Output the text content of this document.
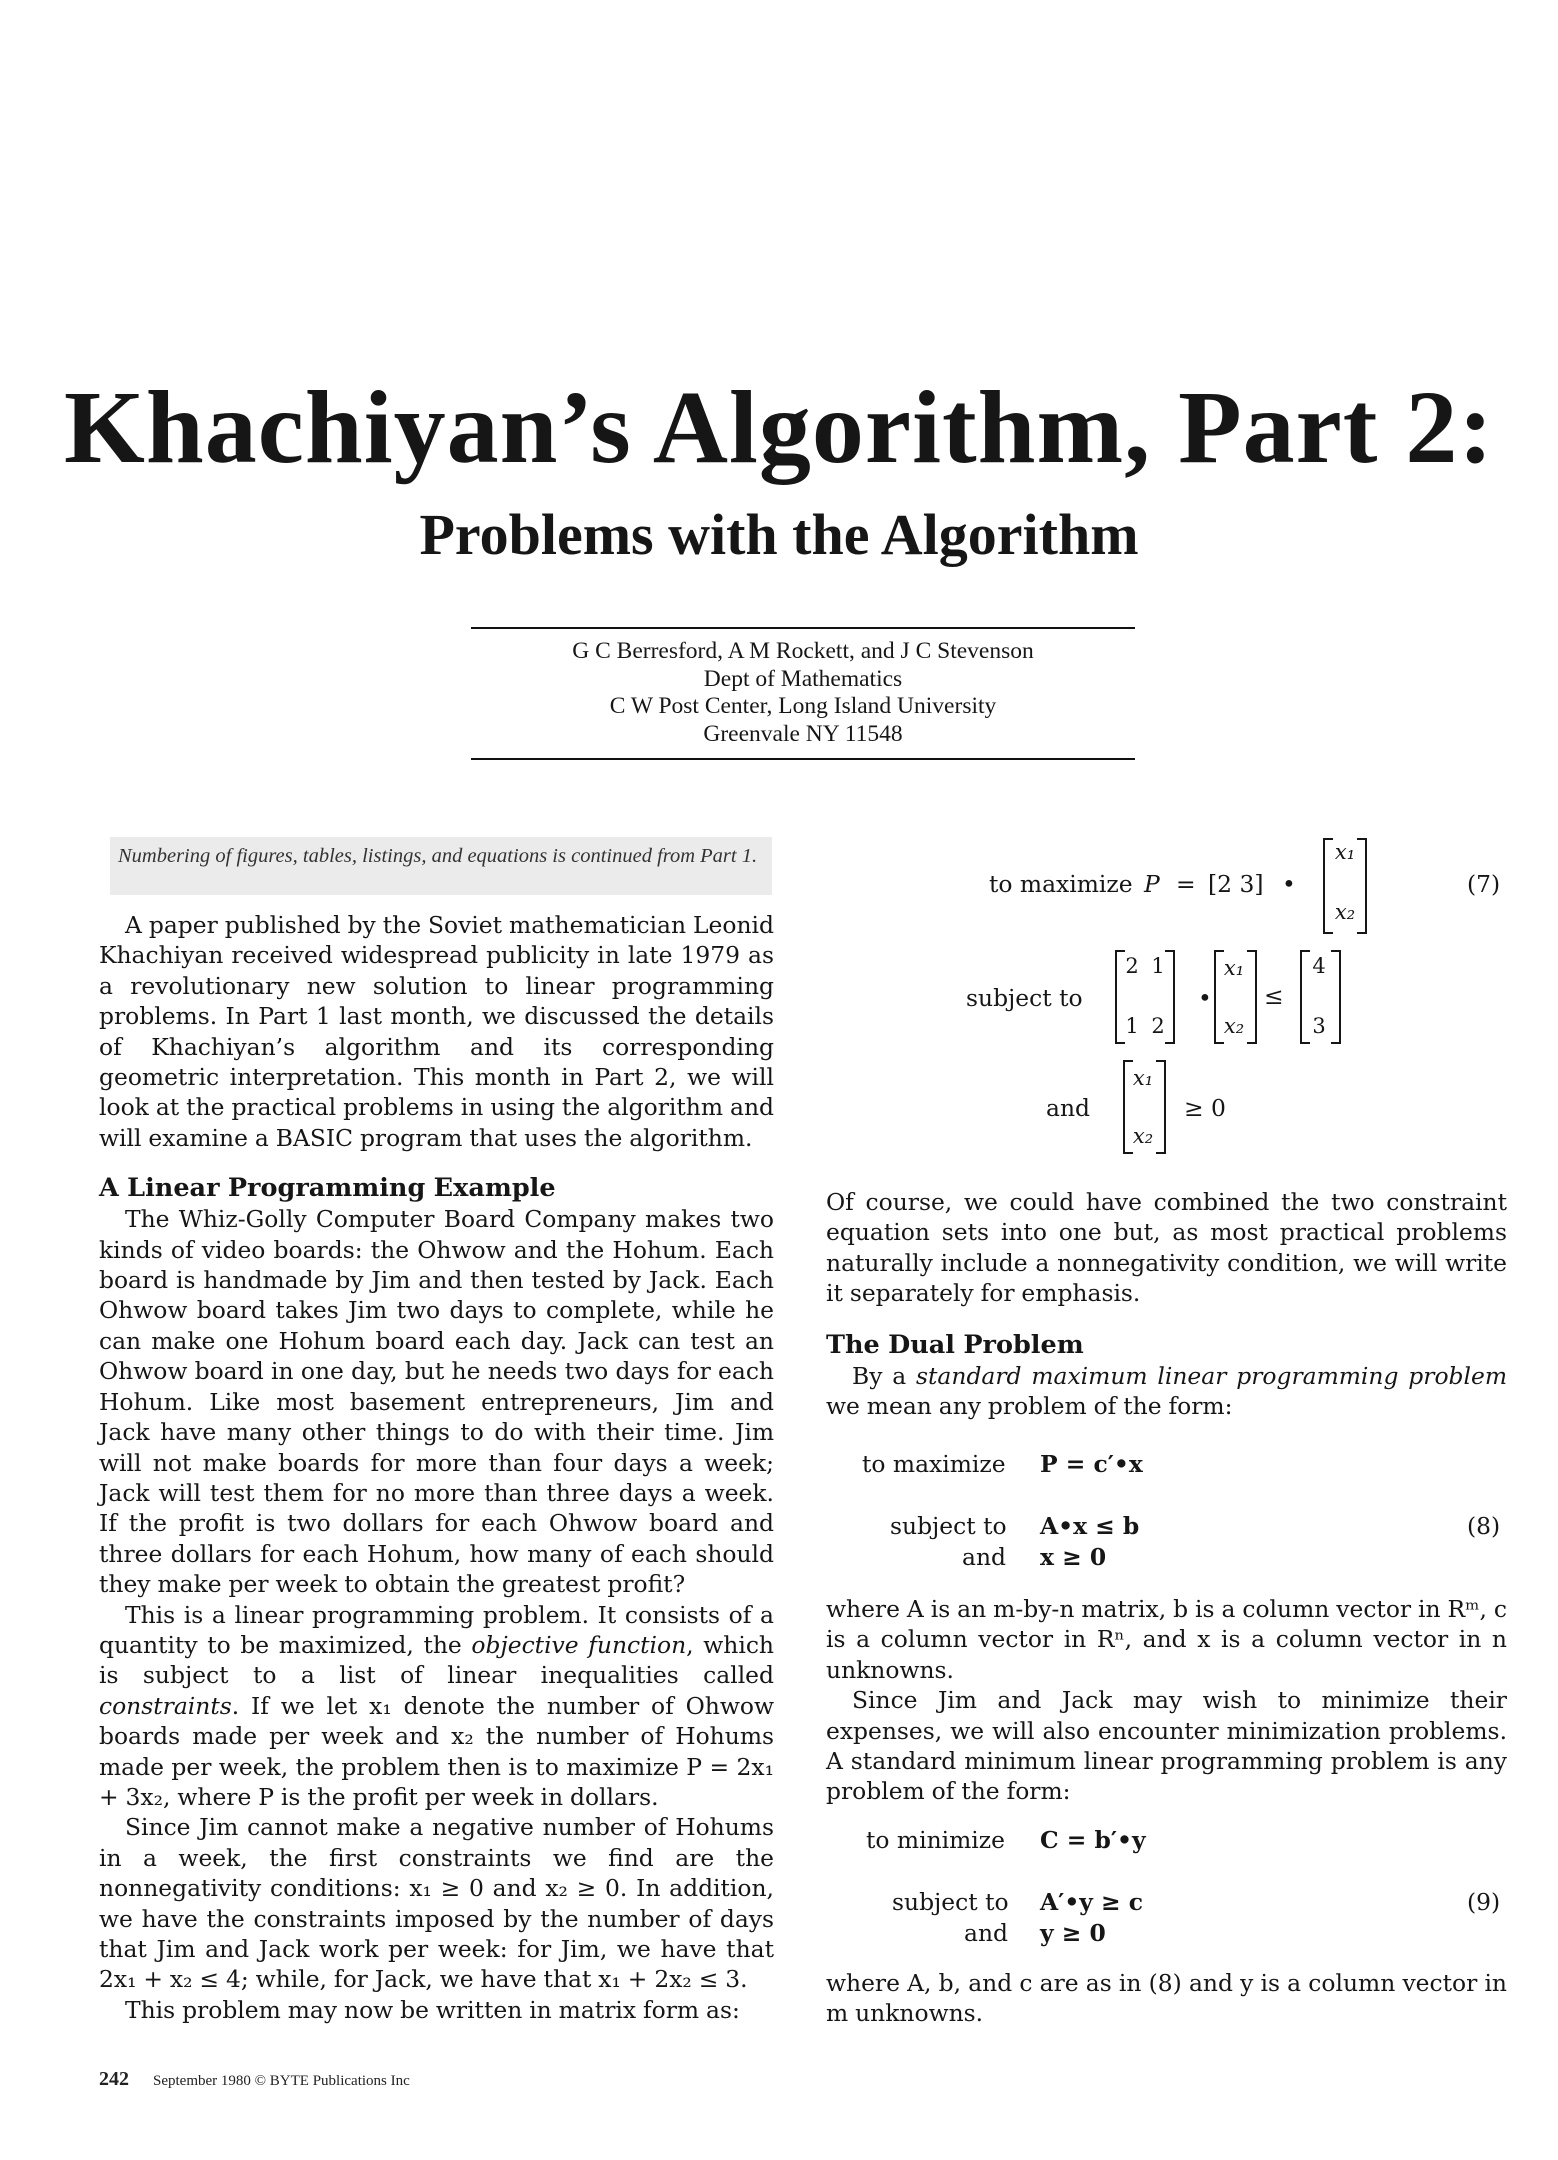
Khachiyan’s Algorithm, Part 2:
Problems with the Algorithm
G C Berresford, A M Rockett, and J C Stevenson
Dept of Mathematics
C W Post Center, Long Island University
Greenvale NY 11548
Numbering of figures, tables, listings, and equations is continued from Part 1.

A paper published by the Soviet mathematician Leonid Khachiyan received widespread publicity in late 1979 as a revolutionary new solution to linear programming problems. In Part 1 last month, we discussed the details of Khachiyan’s algorithm and its corresponding geometric interpretation. This month in Part 2, we will look at the practical problems in using the algorithm and will examine a BASIC program that uses the algorithm.

A Linear Programming Example

The Whiz-Golly Computer Board Company makes two kinds of video boards: the Ohwow and the Hohum. Each board is handmade by Jim and then tested by Jack. Each Ohwow board takes Jim two days to complete, while he can make one Hohum board each day. Jack can test an Ohwow board in one day, but he needs two days for each Hohum. Like most basement entrepreneurs, Jim and Jack have many other things to do with their time. Jim will not make boards for more than four days a week; Jack will test them for no more than three days a week. If the profit is two dollars for each Ohwow board and three dollars for each Hohum, how many of each should they make per week to obtain the greatest profit?

This is a linear programming problem. It consists of a quantity to be maximized, the objective function, which is subject to a list of linear inequalities called constraints. If we let x₁ denote the number of Ohwow boards made per week and x₂ the number of Hohums made per week, the problem then is to maximize P = 2x₁ + 3x₂, where P is the profit per week in dollars.

Since Jim cannot make a negative number of Hohums in a week, the first constraints we find are the nonnegativity conditions: x₁ ≥ 0 and x₂ ≥ 0. In addition, we have the constraints imposed by the number of days that Jim and Jack work per week: for Jim, we have that 2x₁ + x₂ ≤ 4; while, for Jack, we have that x₁ + 2x₂ ≤ 3.

This problem may now be written in matrix form as:

to maximize P = [2 3] •
x₁
x₂
(7)
subject to
2 1
1 2
•
x₁
x₂
≤
4
3
and
x₁
x₂
≥ 0

Of course, we could have combined the two constraint equation sets into one but, as most practical problems naturally include a nonnegativity condition, we will write it separately for emphasis.

The Dual Problem

By a standard maximum linear programming problem we mean any problem of the form:

to maximize P = c′•x
subject to A•x ≤ b
and x ≥ 0
(8)

where A is an m-by-n matrix, b is a column vector in Rᵐ, c is a column vector in Rⁿ, and x is a column vector in n unknowns.

Since Jim and Jack may wish to minimize their expenses, we will also encounter minimization problems. A standard minimum linear programming problem is any problem of the form:

to minimize C = b′•y
subject to A′•y ≥ c
and y ≥ 0
(9)

where A, b, and c are as in (8) and y is a column vector in m unknowns.

242 September 1980 © BYTE Publications Inc
